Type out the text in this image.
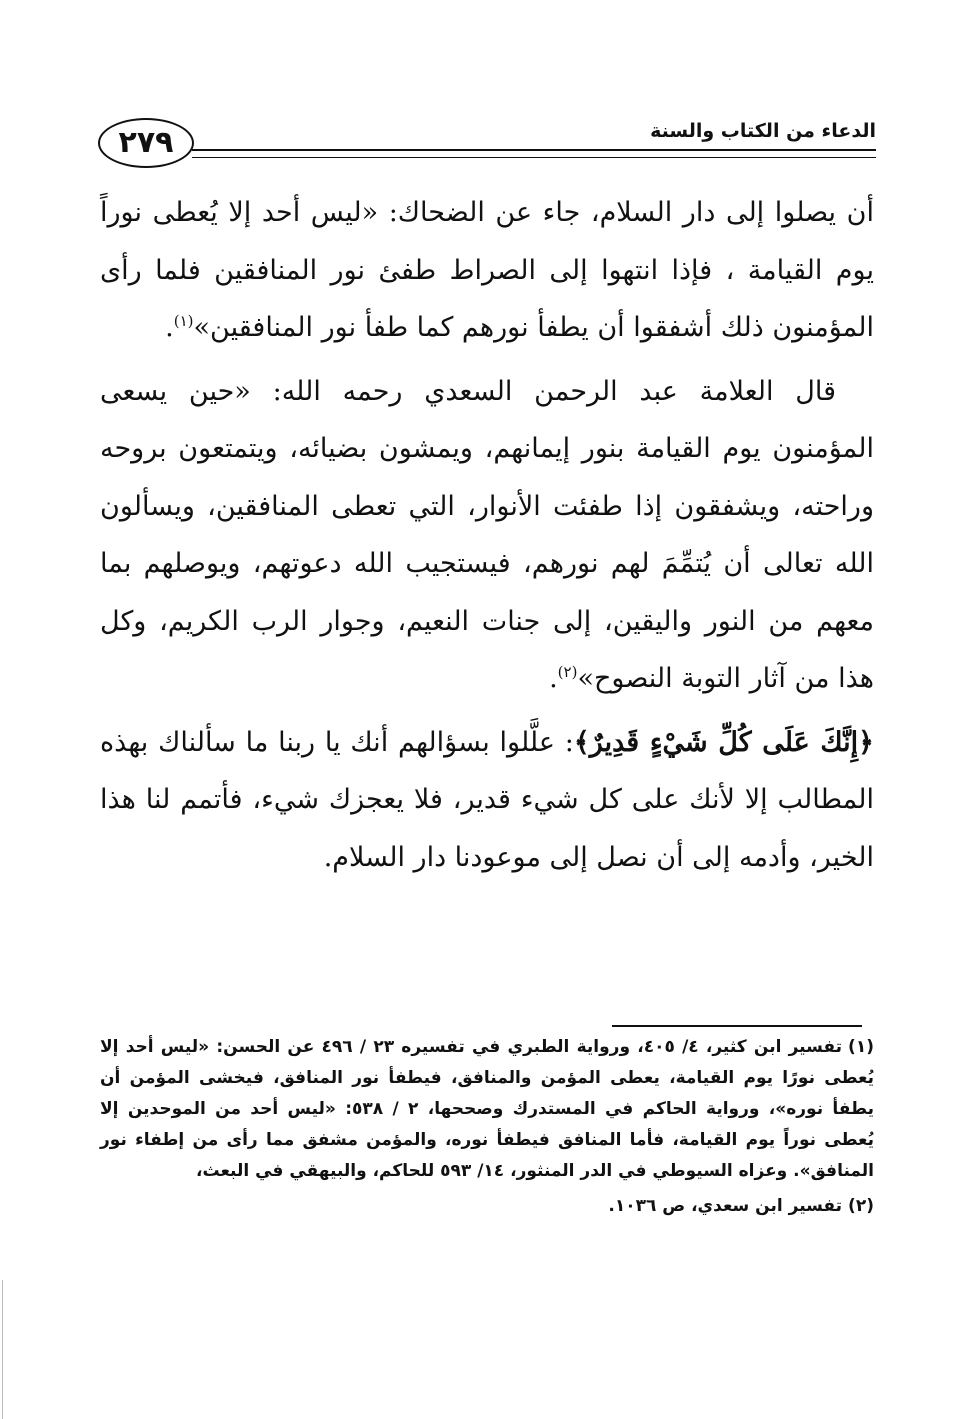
٢٧٩	الدعاء من الكتاب والسنة

أن يصلوا إلى دار السلام، جاء عن الضحاك: «ليس أحد إلا يُعطى نوراً يوم القيامة ، فإذا انتهوا إلى الصراط طفئ نور المنافقين فلما رأى المؤمنون ذلك أشفقوا أن يطفأ نورهم كما طفأ نور المنافقين»$^{(١)}$.

قال العلامة عبد الرحمن السعدي رحمه الله: «حين يسعى المؤمنون يوم القيامة بنور إيمانهم، ويمشون بضيائه، ويتمتعون بروحه وراحته، ويشفقون إذا طفئت الأنوار، التي تعطى المنافقين، ويسألون الله تعالى أن يُتمِّمَ لهم نورهم، فيستجيب الله دعوتهم، ويوصلهم بما معهم من النور واليقين، إلى جنات النعيم، وجوار الرب الكريم، وكل هذا من آثار التوبة النصوح»$^{(٢)}$.

﴿إِنَّكَ عَلَى كُلِّ شَيْءٍ قَدِيرٌ﴾: علَّلوا بسؤالهم أنك يا ربنا ما سألناك بهذه المطالب إلا لأنك على كل شيء قدير، فلا يعجزك شيء، فأتمم لنا هذا الخير، وأدمه إلى أن نصل إلى موعودنا دار السلام.

(١)تفسير ابن كثير، ٤/ ٤٠٥، ورواية الطبري في تفسيره ٢٣ / ٤٩٦ عن الحسن: «ليس أحد إلا يُعطى نورًا يوم القيامة، يعطى المؤمن والمنافق، فيطفأ نور المنافق، فيخشى المؤمن أن يطفأ نوره»، ورواية الحاكم في المستدرك وصححها، ٢ / ٥٣٨: «ليس أحد من الموحدين إلا يُعطى نوراً يوم القيامة، فأما المنافق فيطفأ نوره، والمؤمن مشفق مما رأى من إطفاء نور المنافق». وعزاه السيوطي في الدر المنثور، ١٤/ ٥٩٣ للحاكم، والبيهقي في البعث،

(٢)تفسير ابن سعدي، ص ١٠٣٦.
